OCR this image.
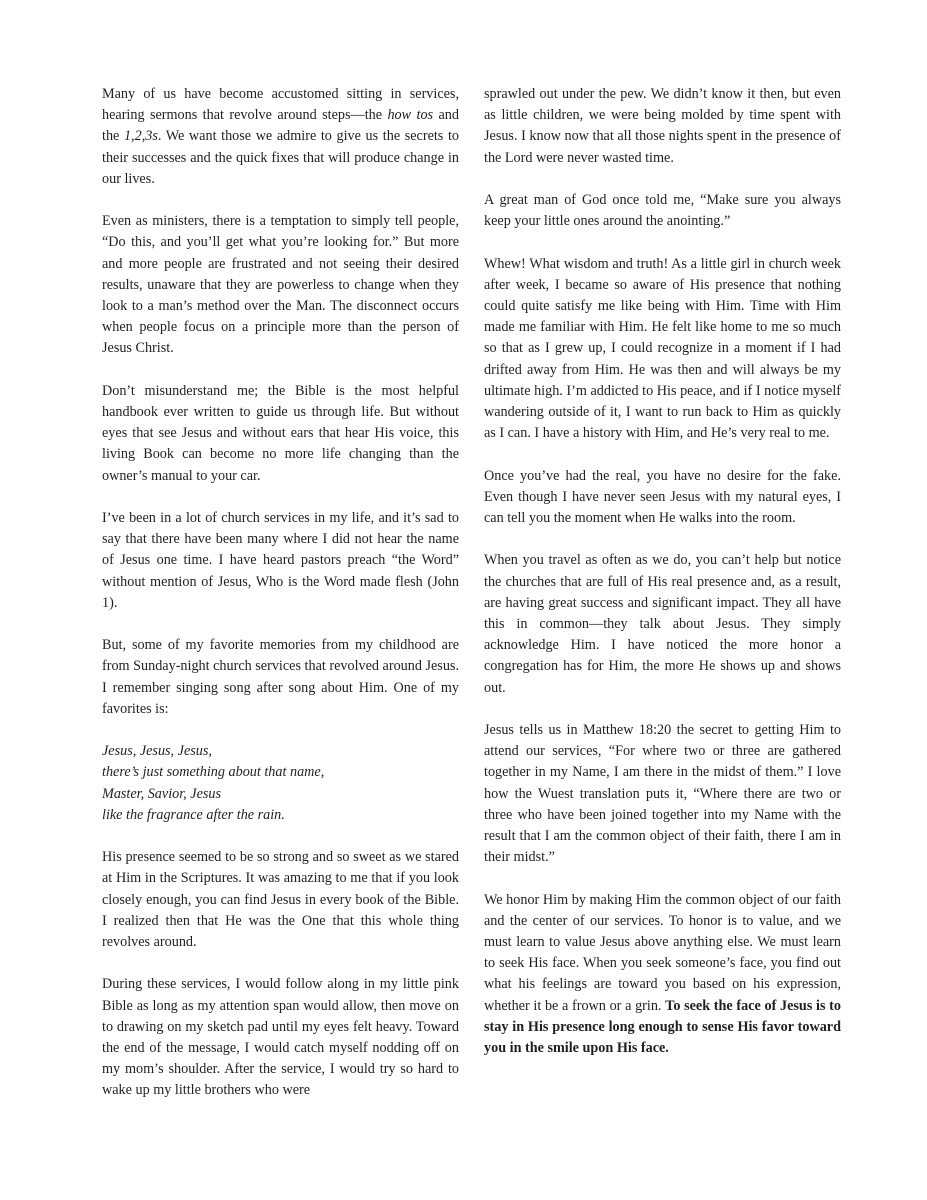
Many of us have become accustomed sitting in services, hearing sermons that revolve around steps—the how tos and the 1,2,3s. We want those we admire to give us the secrets to their successes and the quick fixes that will produce change in our lives.

Even as ministers, there is a temptation to simply tell people, “Do this, and you’ll get what you’re looking for.” But more and more people are frustrated and not seeing their desired results, unaware that they are powerless to change when they look to a man’s method over the Man. The disconnect occurs when people focus on a principle more than the person of Jesus Christ.

Don’t misunderstand me; the Bible is the most helpful handbook ever written to guide us through life. But without eyes that see Jesus and without ears that hear His voice, this living Book can become no more life changing than the owner’s manual to your car.

I’ve been in a lot of church services in my life, and it’s sad to say that there have been many where I did not hear the name of Jesus one time. I have heard pastors preach “the Word” without mention of Jesus, Who is the Word made flesh (John 1).

But, some of my favorite memories from my childhood are from Sunday-night church services that revolved around Jesus. I remember singing song after song about Him. One of my favorites is:

Jesus, Jesus, Jesus,
there’s just something about that name,
Master, Savior, Jesus
like the fragrance after the rain.

His presence seemed to be so strong and so sweet as we stared at Him in the Scriptures. It was amazing to me that if you look closely enough, you can find Jesus in every book of the Bible. I realized then that He was the One that this whole thing revolves around.

During these services, I would follow along in my little pink Bible as long as my attention span would allow, then move on to drawing on my sketch pad until my eyes felt heavy. Toward the end of the message, I would catch myself nodding off on my mom’s shoulder. After the service, I would try so hard to wake up my little brothers who were

sprawled out under the pew. We didn’t know it then, but even as little children, we were being molded by time spent with Jesus. I know now that all those nights spent in the presence of the Lord were never wasted time.

A great man of God once told me, “Make sure you always keep your little ones around the anointing.”

Whew! What wisdom and truth! As a little girl in church week after week, I became so aware of His presence that nothing could quite satisfy me like being with Him. Time with Him made me familiar with Him. He felt like home to me so much so that as I grew up, I could recognize in a moment if I had drifted away from Him. He was then and will always be my ultimate high. I’m addicted to His peace, and if I notice myself wandering outside of it, I want to run back to Him as quickly as I can. I have a history with Him, and He’s very real to me.

Once you’ve had the real, you have no desire for the fake. Even though I have never seen Jesus with my natural eyes, I can tell you the moment when He walks into the room.

When you travel as often as we do, you can’t help but notice the churches that are full of His real presence and, as a result, are having great success and significant impact. They all have this in common—they talk about Jesus. They simply acknowledge Him. I have noticed the more honor a congregation has for Him, the more He shows up and shows out.

Jesus tells us in Matthew 18:20 the secret to getting Him to attend our services, “For where two or three are gathered together in my Name, I am there in the midst of them.” I love how the Wuest translation puts it, “Where there are two or three who have been joined together into my Name with the result that I am the common object of their faith, there I am in their midst.”

We honor Him by making Him the common object of our faith and the center of our services. To honor is to value, and we must learn to value Jesus above anything else. We must learn to seek His face. When you seek someone’s face, you find out what his feelings are toward you based on his expression, whether it be a frown or a grin. To seek the face of Jesus is to stay in His presence long enough to sense His favor toward you in the smile upon His face.
